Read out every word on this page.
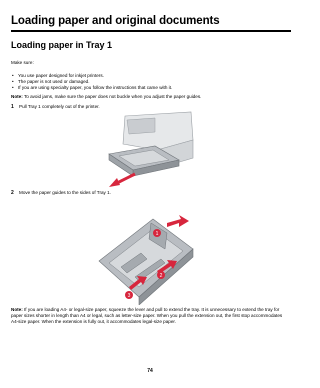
Loading paper and original documents
Loading paper in Tray 1
Make sure:
• You use paper designed for inkjet printers.
• The paper is not used or damaged.
• If you are using specialty paper, you follow the instructions that came with it.
Note: To avoid jams, make sure the paper does not buckle when you adjust the paper guides.
1 Pull Tray 1 completely out of the printer.
2 Move the paper guides to the sides of Tray 1.
1
2
3
Note: If you are loading A4- or legal-size paper, squeeze the lever and pull to extend the tray. It is unnecessary to extend the tray for paper sizes shorter in length than A4 or legal, such as letter-size paper. When you pull the extension out, the first stop accommodates A4-size paper. When the extension is fully out, it accommodates legal-size paper.
74
